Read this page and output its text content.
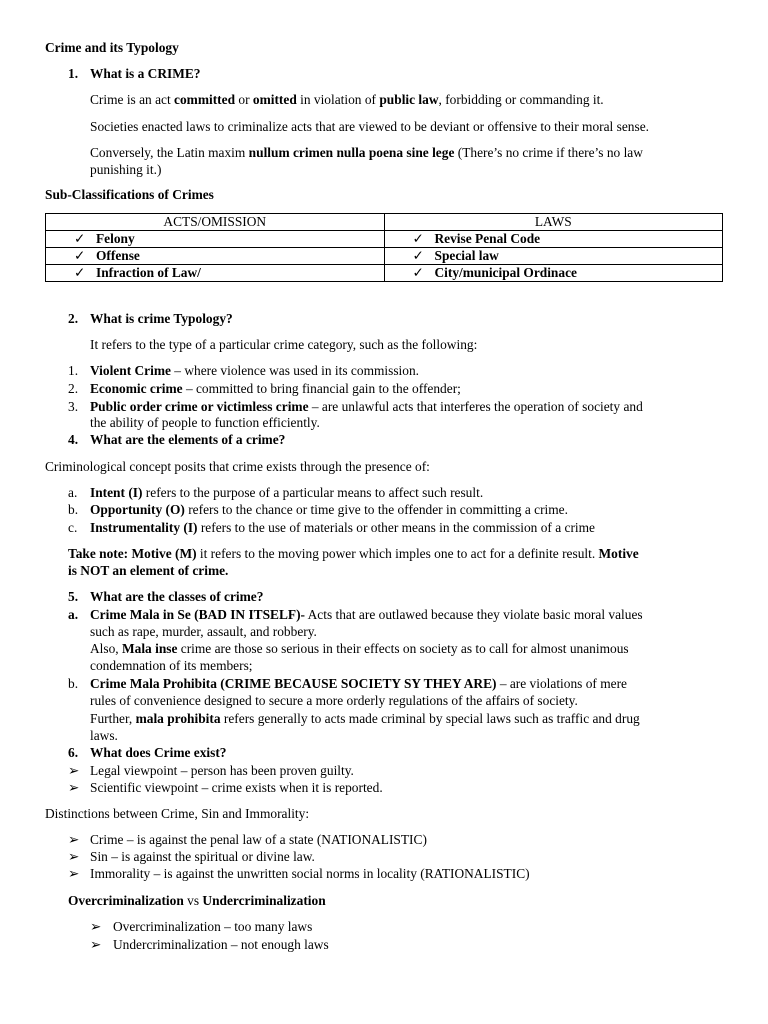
Crime and its Typology
1. What is a CRIME?
Crime is an act committed or omitted in violation of public law, forbidding or commanding it.
Societies enacted laws to criminalize acts that are viewed to be deviant or offensive to their moral sense.
Conversely, the Latin maxim nullum crimen nulla poena sine lege (There’s no crime if there’s no law
punishing it.)
Sub-Classifications of Crimes
ACTS/OMISSION	LAWS
✓ Felony	✓ Revise Penal Code
✓ Offense	✓ Special law
✓ Infraction of Law/	✓ City/municipal Ordinace
2. What is crime Typology?
It refers to the type of a particular crime category, such as the following:
1. Violent Crime – where violence was used in its commission.
2. Economic crime – committed to bring financial gain to the offender;
3. Public order crime or victimless crime – are unlawful acts that interferes the operation of society and
the ability of people to function efficiently.
4. What are the elements of a crime?
Criminological concept posits that crime exists through the presence of:
a. Intent (I) refers to the purpose of a particular means to affect such result.
b. Opportunity (O) refers to the chance or time give to the offender in committing a crime.
c. Instrumentality (I) refers to the use of materials or other means in the commission of a crime
Take note: Motive (M) it refers to the moving power which imples one to act for a definite result. Motive
is NOT an element of crime.
5. What are the classes of crime?
a. Crime Mala in Se (BAD IN ITSELF)- Acts that are outlawed because they violate basic moral values
such as rape, murder, assault, and robbery.
Also, Mala inse crime are those so serious in their effects on society as to call for almost unanimous
condemnation of its members;
b. Crime Mala Prohibita (CRIME BECAUSE SOCIETY SY THEY ARE) – are violations of mere
rules of convenience designed to secure a more orderly regulations of the affairs of society.
Further, mala prohibita refers generally to acts made criminal by special laws such as traffic and drug
laws.
6. What does Crime exist?
➢ Legal viewpoint – person has been proven guilty.
➢ Scientific viewpoint – crime exists when it is reported.
Distinctions between Crime, Sin and Immorality:
➢ Crime – is against the penal law of a state (NATIONALISTIC)
➢ Sin – is against the spiritual or divine law.
➢ Immorality – is against the unwritten social norms in locality (RATIONALISTIC)
Overcriminalization vs Undercriminalization
➢ Overcriminalization – too many laws
➢ Undercriminalization – not enough laws
